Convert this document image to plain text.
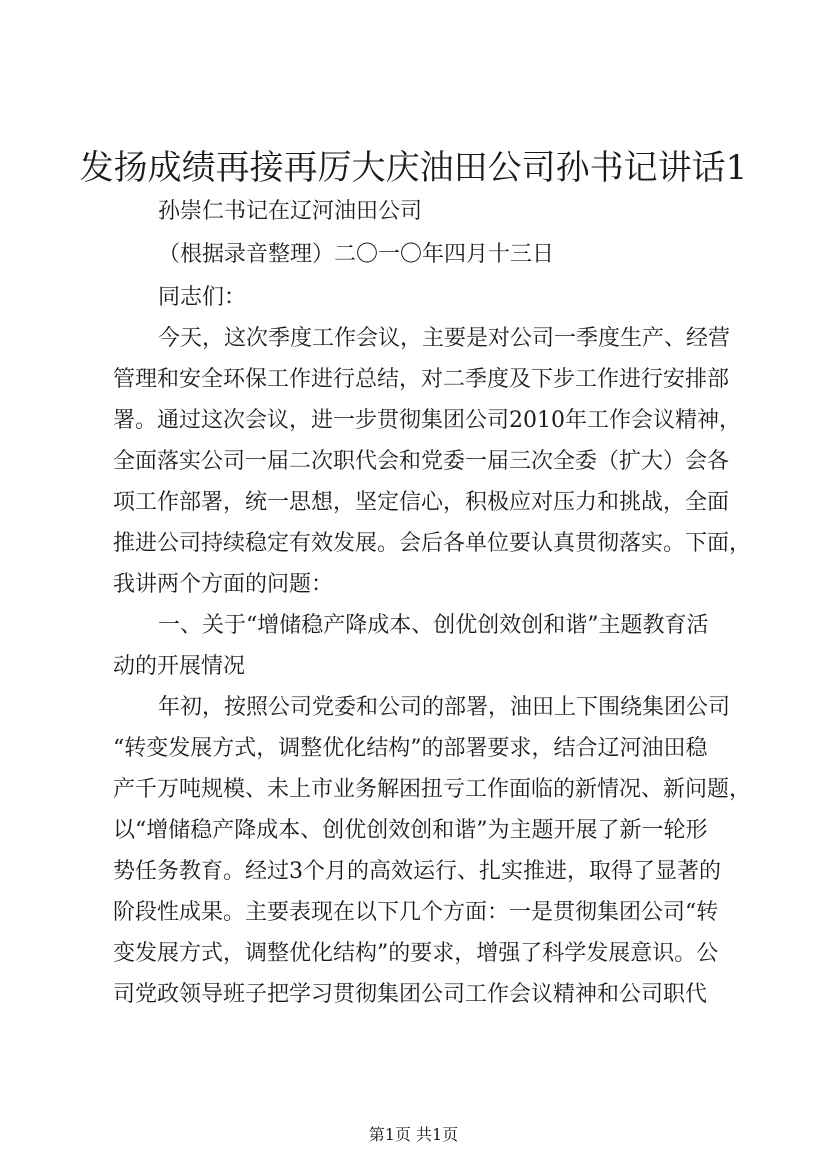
发扬成绩再接再厉大庆油田公司孙书记讲话1
孙崇仁书记在辽河油田公司
（根据录音整理）二〇一〇年四月十三日
同志们：
今天，这次季度工作会议，主要是对公司一季度生产、经营
管理和安全环保工作进行总结，对二季度及下步工作进行安排部
署。通过这次会议，进一步贯彻集团公司2010年工作会议精神，
全面落实公司一届二次职代会和党委一届三次全委（扩大）会各
项工作部署，统一思想，坚定信心，积极应对压力和挑战，全面
推进公司持续稳定有效发展。会后各单位要认真贯彻落实。下面，
我讲两个方面的问题：
一、关于“增储稳产降成本、创优创效创和谐”主题教育活
动的开展情况
年初，按照公司党委和公司的部署，油田上下围绕集团公司
“转变发展方式，调整优化结构”的部署要求，结合辽河油田稳
产千万吨规模、未上市业务解困扭亏工作面临的新情况、新问题，
以“增储稳产降成本、创优创效创和谐”为主题开展了新一轮形
势任务教育。经过3个月的高效运行、扎实推进，取得了显著的
阶段性成果。主要表现在以下几个方面：一是贯彻集团公司“转
变发展方式，调整优化结构”的要求，增强了科学发展意识。公
司党政领导班子把学习贯彻集团公司工作会议精神和公司职代
第1页 共1页
